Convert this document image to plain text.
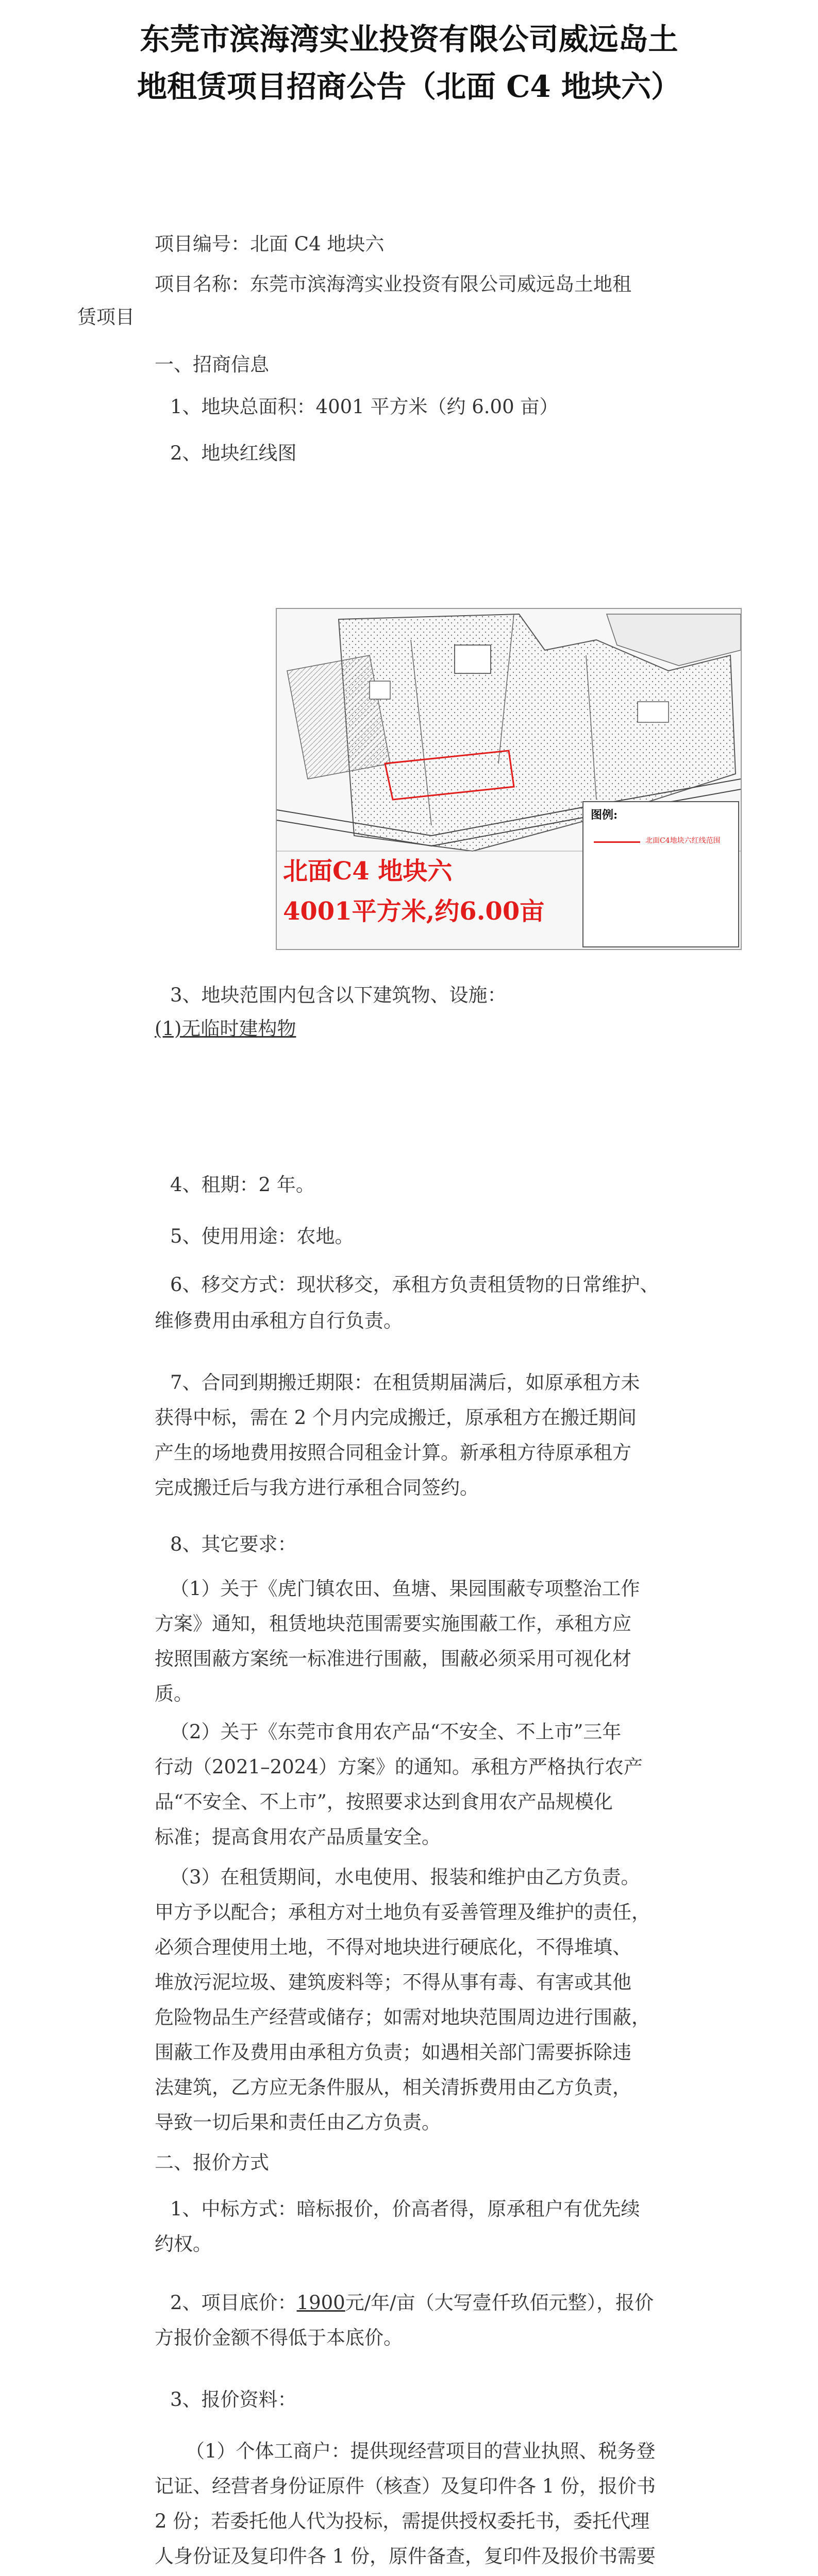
东莞市滨海湾实业投资有限公司威远岛土
地租赁项目招商公告（北面 C4 地块六）
项目编号：北面 C4 地块六
项目名称：东莞市滨海湾实业投资有限公司威远岛土地租
赁项目
一、招商信息
1、地块总面积：4001 平方米（约 6.00 亩）
2、地块红线图
北面C4 地块六
4001平方米,约6.00亩
图例:
北面C4地块六红线范围
3、地块范围内包含以下建筑物、设施：
(1)无临时建构物
4、租期：2 年。
5、使用用途：农地。
6、移交方式：现状移交，承租方负责租赁物的日常维护、
维修费用由承租方自行负责。
7、合同到期搬迁期限：在租赁期届满后，如原承租方未
获得中标，需在 2 个月内完成搬迁，原承租方在搬迁期间
产生的场地费用按照合同租金计算。新承租方待原承租方
完成搬迁后与我方进行承租合同签约。
8、其它要求：
（1）关于《虎门镇农田、鱼塘、果园围蔽专项整治工作
方案》通知，租赁地块范围需要实施围蔽工作，承租方应
按照围蔽方案统一标准进行围蔽，围蔽必须采用可视化材
质。
（2）关于《东莞市食用农产品“不安全、不上市”三年
行动（2021–2024）方案》的通知。承租方严格执行农产
品“不安全、不上市”，按照要求达到食用农产品规模化
标准；提高食用农产品质量安全。
（3）在租赁期间，水电使用、报装和维护由乙方负责。
甲方予以配合；承租方对土地负有妥善管理及维护的责任，
必须合理使用土地，不得对地块进行硬底化，不得堆填、
堆放污泥垃圾、建筑废料等；不得从事有毒、有害或其他
危险物品生产经营或储存；如需对地块范围周边进行围蔽，
围蔽工作及费用由承租方负责；如遇相关部门需要拆除违
法建筑，乙方应无条件服从，相关清拆费用由乙方负责，
导致一切后果和责任由乙方负责。
二、报价方式
1、中标方式：暗标报价，价高者得，原承租户有优先续
约权。
2、项目底价：1900元/年/亩（大写壹仟玖佰元整），报价
方报价金额不得低于本底价。
3、报价资料：
（1）个体工商户：提供现经营项目的营业执照、税务登
记证、经营者身份证原件（核查）及复印件各 1 份，报价书
2 份；若委托他人代为投标，需提供授权委托书，委托代理
人身份证及复印件各 1 份，原件备查，复印件及报价书需要
